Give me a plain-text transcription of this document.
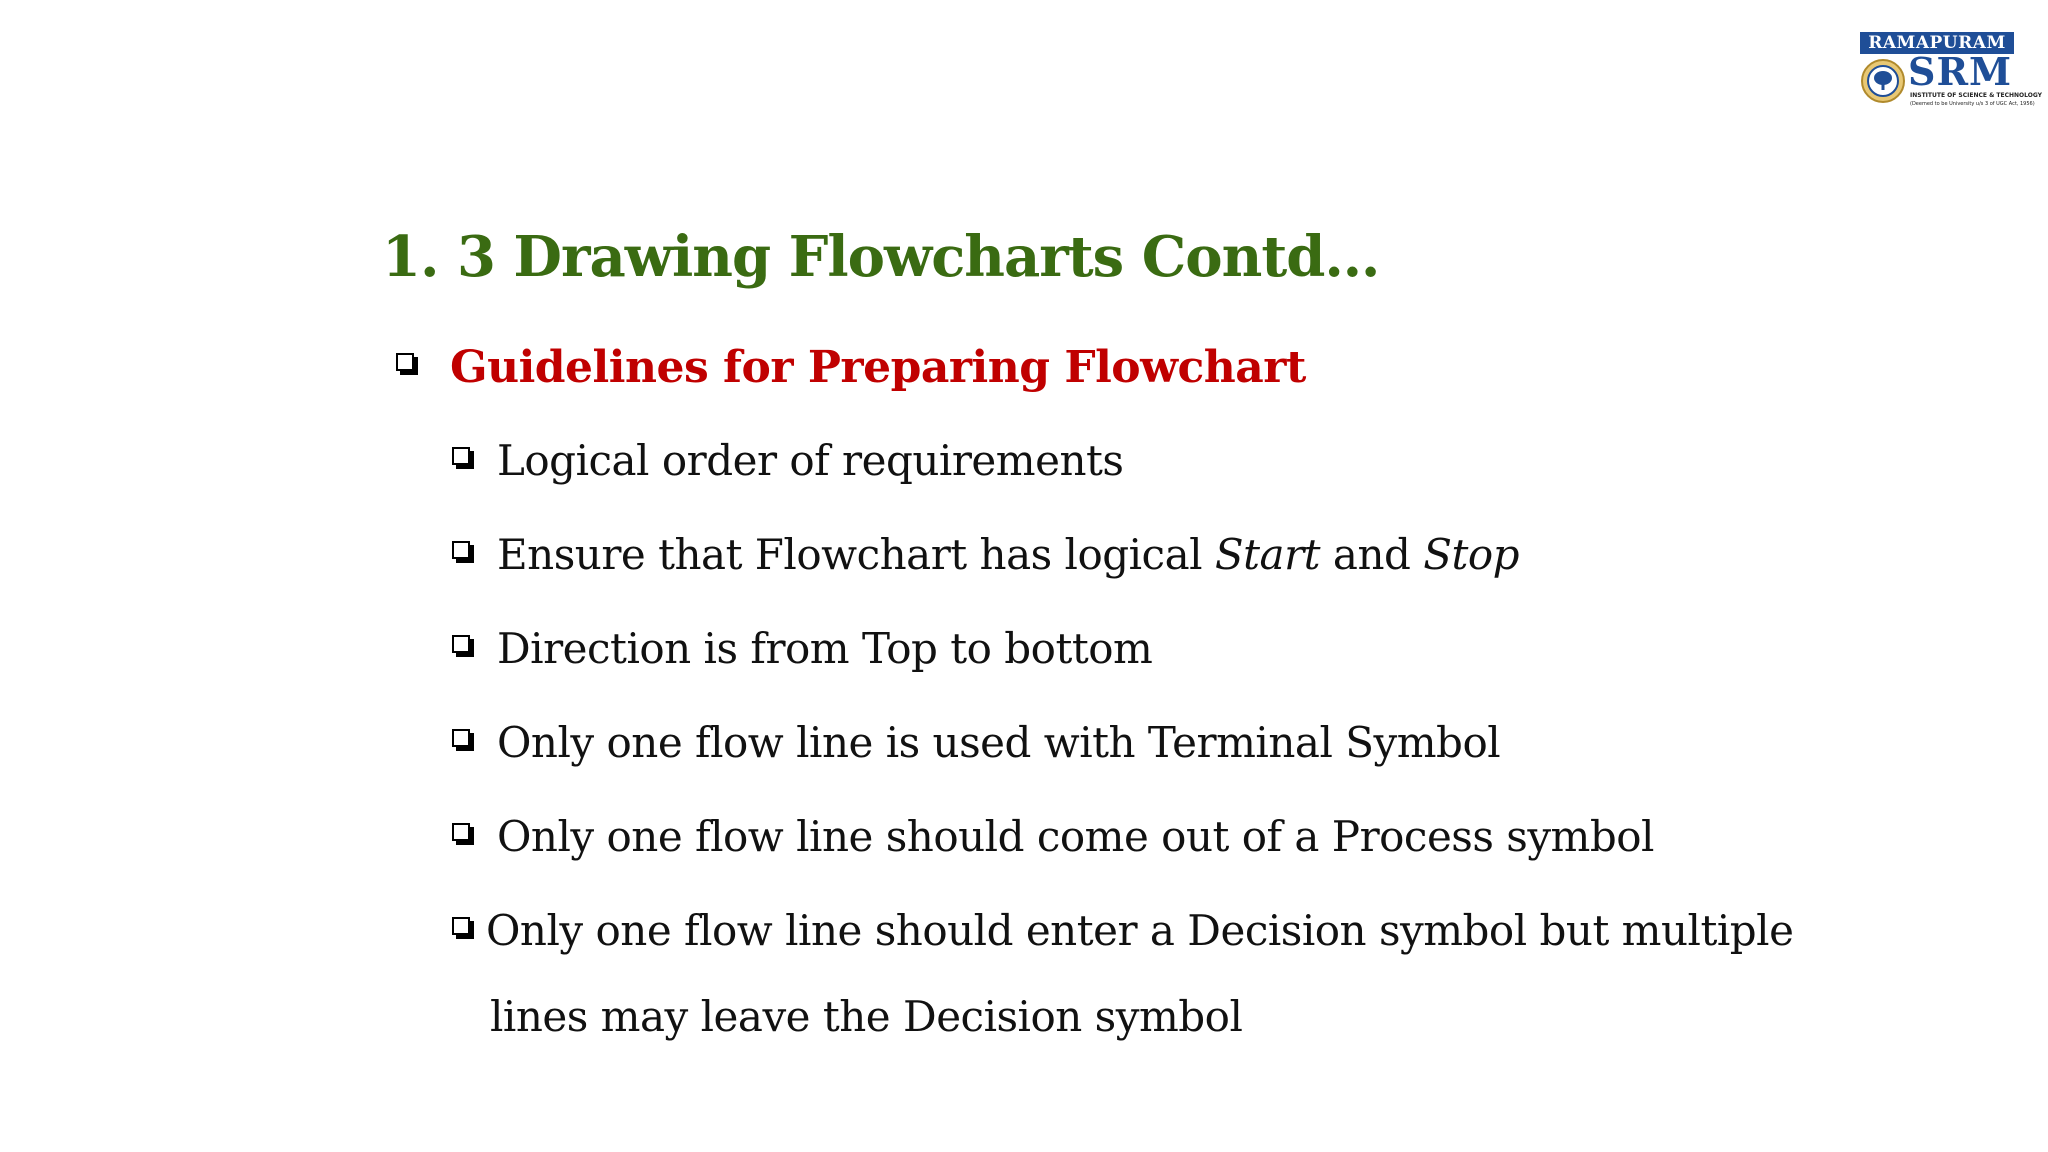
RAMAPURAM
SRM
INSTITUTE OF SCIENCE & TECHNOLOGY
(Deemed to be University u/s 3 of UGC Act, 1956)
1. 3 Drawing Flowcharts Contd…
Guidelines for Preparing Flowchart
Logical order of requirements
Ensure that Flowchart has logical Start and Stop
Direction is from Top to bottom
Only one flow line is used with Terminal Symbol
Only one flow line should come out of a Process symbol
Only one flow line should enter a Decision symbol but multiple
lines may leave the Decision symbol
